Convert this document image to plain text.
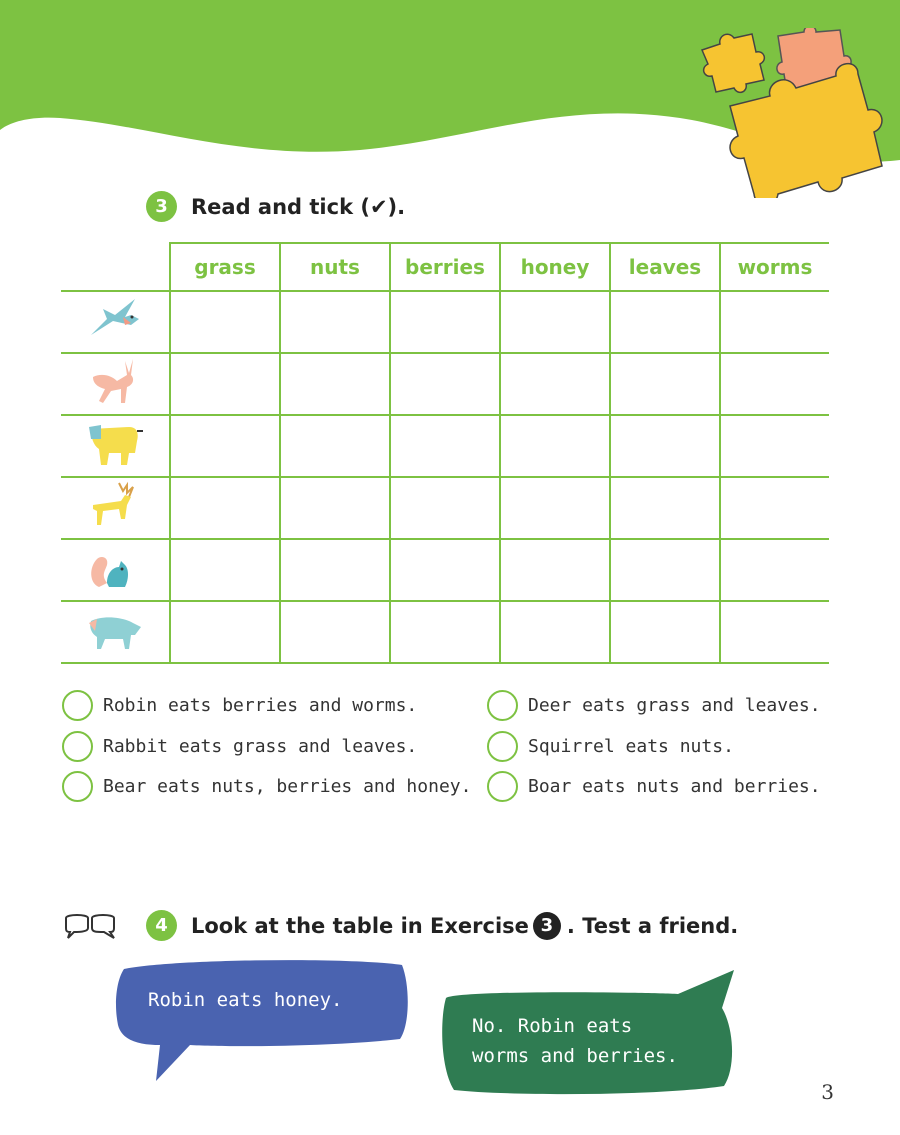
3	Read and tick (✔).
	grass	nuts	berries	honey	leaves	worms

Robin eats berries and worms.
Rabbit eats grass and leaves.
Bear eats nuts, berries and honey.
Deer eats grass and leaves.
Squirrel eats nuts.
Boar eats nuts and berries.
4	Look at the table in Exercise 3 . Test a friend.
Robin eats honey.
No. Robin eats
worms and berries.
3
